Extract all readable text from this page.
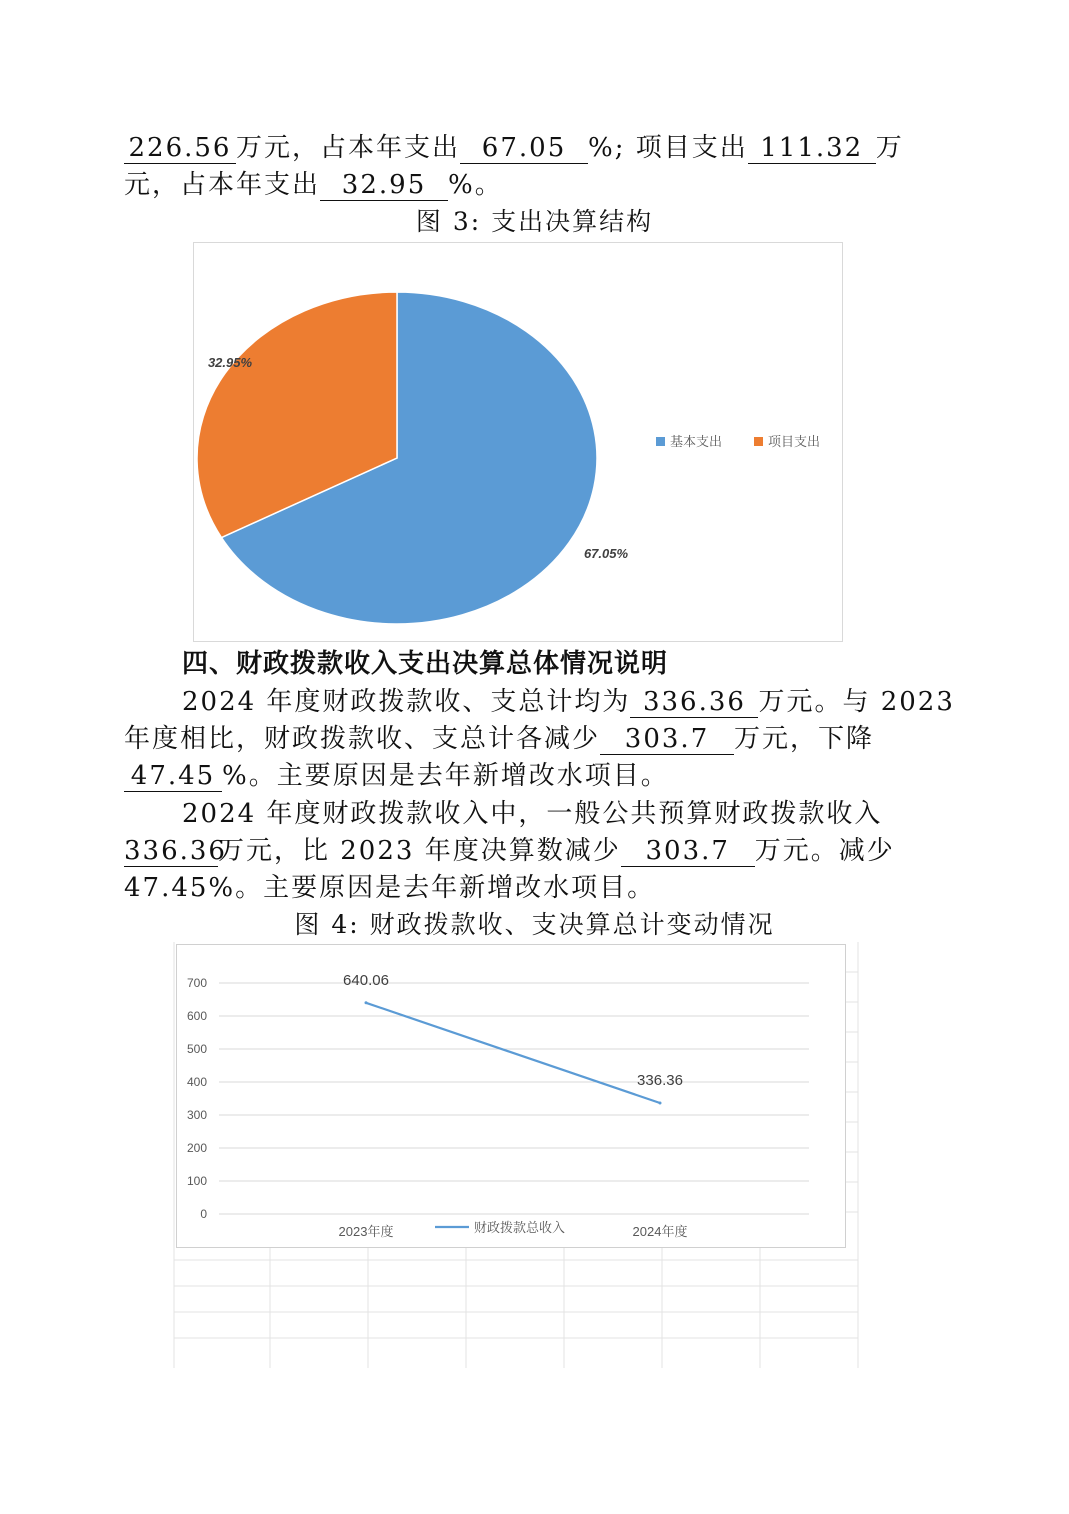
226.56 万元，占本年支出 67.05 %; 项目支出 111.32 万
元，占本年支出 32.95 %。
图 3: 支出决算结构
67.05%
32.95%
基本支出	项目支出
四、财政拨款收入支出决算总体情况说明
2024 年度财政拨款收、支总计均为 336.36 万元。与 2023
年度相比，财政拨款收、支总计各减少 303.7 万元，下降
47.45 %。主要原因是去年新增改水项目。
2024 年度财政拨款收入中，一般公共预算财政拨款收入
336.36万元，比 2023 年度决算数减少 303.7 万元。减少
47.45%。主要原因是去年新增改水项目。
图 4: 财政拨款收、支决算总计变动情况
0
100
200
300
400
500
600
700	640.06
336.36
2023年度	2024年度
财政拨款总收入
